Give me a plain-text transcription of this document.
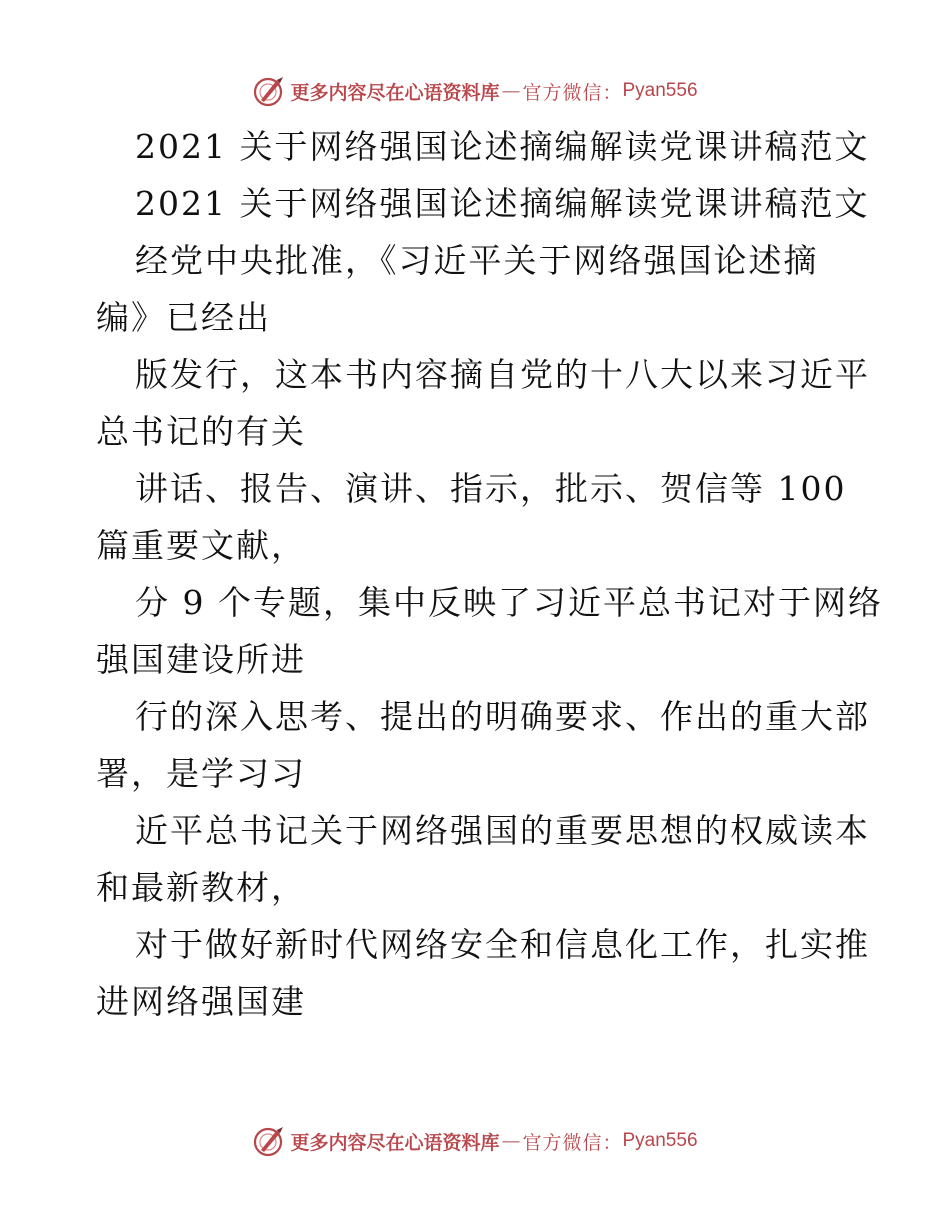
更多内容尽在心语资料库 — 官方微信： Pyan556
2021 关于网络强国论述摘编解读党课讲稿范文
2021 关于网络强国论述摘编解读党课讲稿范文
经党中央批准，《习近平关于网络强国论述摘
编》已经出
版发行，这本书内容摘自党的十八大以来习近平
总书记的有关
讲话、报告、演讲、指示，批示、贺信等 100
篇重要文献，
分 9 个专题，集中反映了习近平总书记对于网络
强国建设所进
行的深入思考、提出的明确要求、作出的重大部
署，是学习习
近平总书记关于网络强国的重要思想的权威读本
和最新教材，
对于做好新时代网络安全和信息化工作，扎实推
进网络强国建
更多内容尽在心语资料库 — 官方微信： Pyan556
